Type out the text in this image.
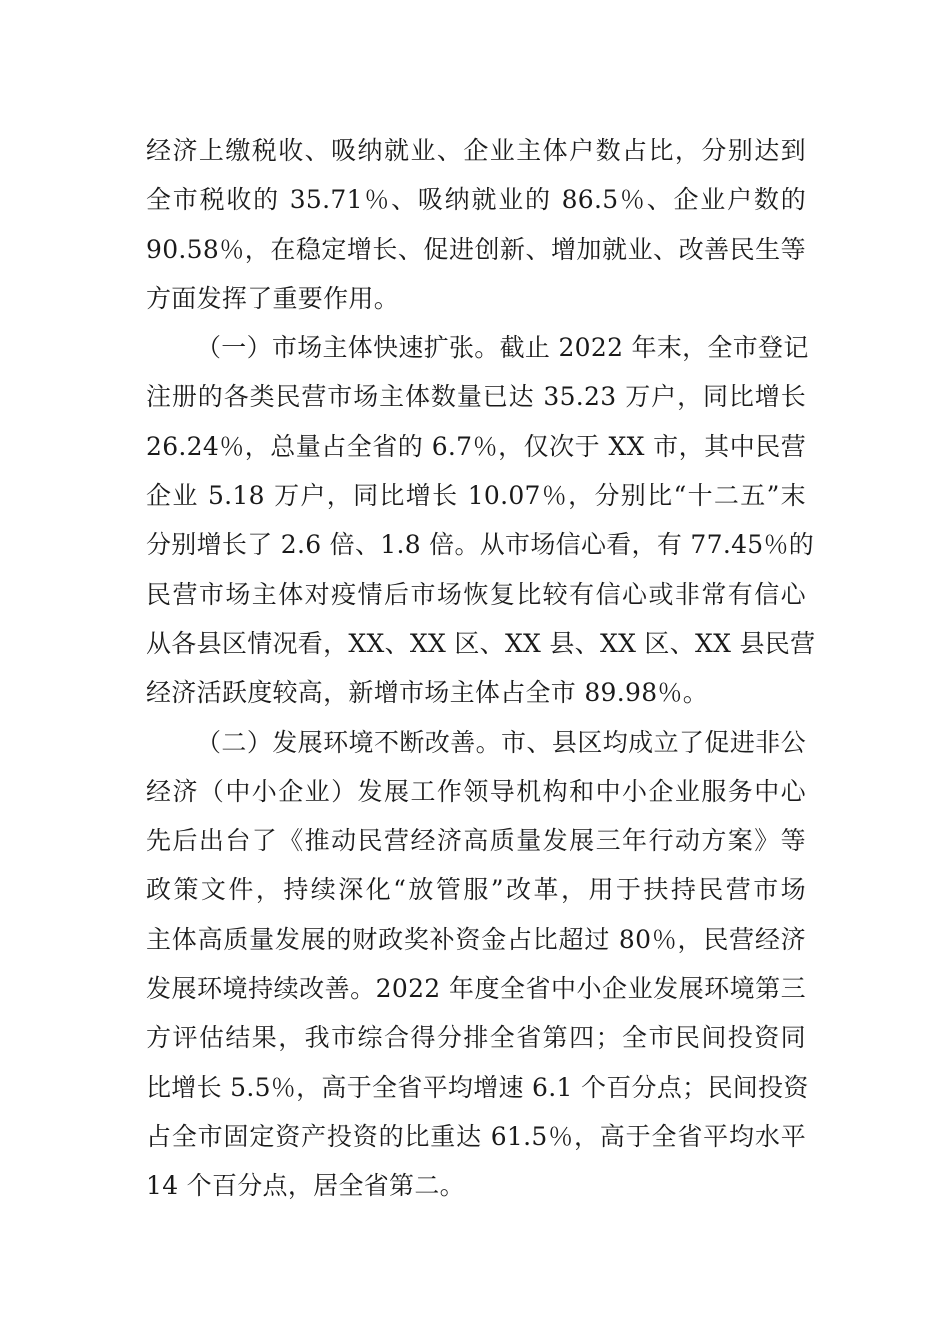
经济上缴税收、吸纳就业、企业主体户数占比，分别达到
全市税收的 35.71％、吸纳就业的 86.5％、企业户数的
90.58％，在稳定增长、促进创新、增加就业、改善民生等
方面发挥了重要作用。
（一）市场主体快速扩张。截止 2022 年末，全市登记
注册的各类民营市场主体数量已达 35.23 万户，同比增长
26.24％，总量占全省的 6.7％，仅次于 XX 市，其中民营
企业 5.18 万户，同比增长 10.07％，分别比“十二五”末
分别增长了 2.6 倍、1.8 倍。从市场信心看，有 77.45％的
民营市场主体对疫情后市场恢复比较有信心或非常有信心
从各县区情况看，XX、XX 区、XX 县、XX 区、XX 县民营
经济活跃度较高，新增市场主体占全市 89.98％。
（二）发展环境不断改善。市、县区均成立了促进非公
经济（中小企业）发展工作领导机构和中小企业服务中心
先后出台了《推动民营经济高质量发展三年行动方案》等
政策文件，持续深化“放管服”改革，用于扶持民营市场
主体高质量发展的财政奖补资金占比超过 80％，民营经济
发展环境持续改善。2022 年度全省中小企业发展环境第三
方评估结果，我市综合得分排全省第四；全市民间投资同
比增长 5.5％，高于全省平均增速 6.1 个百分点；民间投资
占全市固定资产投资的比重达 61.5％，高于全省平均水平
14 个百分点，居全省第二。
